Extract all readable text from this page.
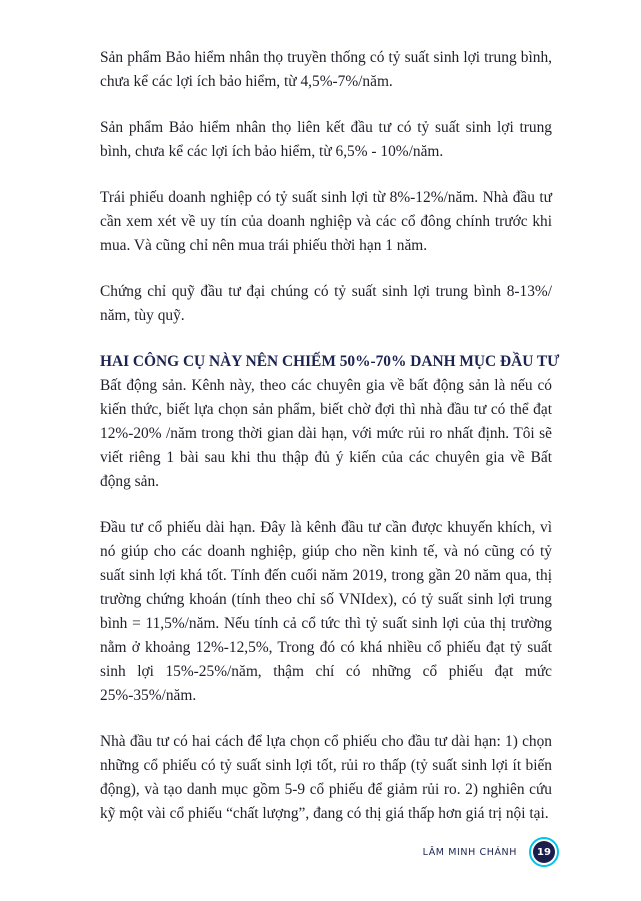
Sản phẩm Bảo hiểm nhân thọ truyền thống có tỷ suất sinh lợi trung bình, chưa kể các lợi ích bảo hiểm, từ 4,5%-7%/năm.

Sản phẩm Bảo hiểm nhân thọ liên kết đầu tư có tỷ suất sinh lợi trung bình, chưa kể các lợi ích bảo hiểm, từ 6,5% - 10%/năm.

Trái phiếu doanh nghiệp có tỷ suất sinh lợi từ 8%-12%/năm. Nhà đầu tư cần xem xét về uy tín của doanh nghiệp và các cổ đông chính trước khi mua. Và cũng chỉ nên mua trái phiếu thời hạn 1 năm.

Chứng chỉ quỹ đầu tư đại chúng có tỷ suất sinh lợi trung bình 8-13%/ năm, tùy quỹ.

HAI CÔNG CỤ NÀY NÊN CHIẾM 50%-70% DANH MỤC ĐẦU TƯ

Bất động sản. Kênh này, theo các chuyên gia về bất động sản là nếu có kiến thức, biết lựa chọn sản phẩm, biết chờ đợi thì nhà đầu tư có thể đạt 12%-20% /năm trong thời gian dài hạn, với mức rủi ro nhất định. Tôi sẽ viết riêng 1 bài sau khi thu thập đủ ý kiến của các chuyên gia về Bất động sản.

Đầu tư cổ phiếu dài hạn. Đây là kênh đầu tư cần được khuyến khích, vì nó giúp cho các doanh nghiệp, giúp cho nền kinh tế, và nó cũng có tỷ suất sinh lợi khá tốt. Tính đến cuối năm 2019, trong gần 20 năm qua, thị trường chứng khoán (tính theo chỉ số VNIdex), có tỷ suất sinh lợi trung bình = 11,5%/năm. Nếu tính cả cổ tức thì tỷ suất sinh lợi của thị trường nằm ở khoảng 12%-12,5%, Trong đó có khá nhiều cổ phiếu đạt tỷ suất sinh lợi 15%-25%/năm, thậm chí có những cổ phiếu đạt mức 25%-35%/năm.

Nhà đầu tư có hai cách để lựa chọn cổ phiếu cho đầu tư dài hạn: 1) chọn những cổ phiếu có tỷ suất sinh lợi tốt, rủi ro thấp (tỷ suất sinh lợi ít biến động), và tạo danh mục gồm 5-9 cổ phiếu để giảm rủi ro. 2) nghiên cứu kỹ một vài cổ phiếu “chất lượng”, đang có thị giá thấp hơn giá trị nội tại.

LÂM MINH CHÁNH	19
